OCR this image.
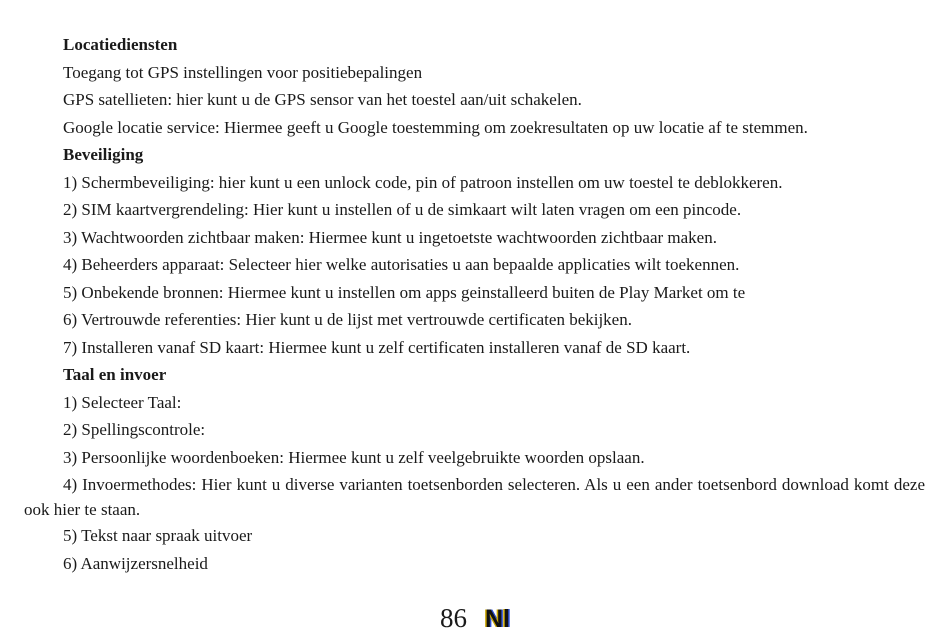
Locatiediensten
Toegang tot GPS instellingen voor positiebepalingen
GPS satellieten: hier kunt u de GPS sensor van het toestel aan/uit schakelen.
Google locatie service: Hiermee geeft u Google toestemming om zoekresultaten op uw locatie af te stemmen.
Beveiliging
1) Schermbeveiliging: hier kunt u een unlock code, pin of patroon instellen om uw toestel te deblokkeren.
2) SIM kaartvergrendeling: Hier kunt u instellen of u de simkaart wilt laten vragen om een pincode.
3) Wachtwoorden zichtbaar maken: Hiermee kunt u ingetoetste wachtwoorden zichtbaar maken.
4) Beheerders apparaat: Selecteer hier welke autorisaties u aan bepaalde applicaties wilt toekennen.
5) Onbekende bronnen: Hiermee kunt u instellen om apps geinstalleerd buiten de Play Market om te
6) Vertrouwde referenties: Hier kunt u de lijst met vertrouwde certificaten bekijken.
7) Installeren vanaf SD kaart: Hiermee kunt u zelf certificaten installeren vanaf de SD kaart.
Taal en invoer
1) Selecteer Taal:
2) Spellingscontrole:
3) Persoonlijke woordenboeken: Hiermee kunt u zelf veelgebruikte woorden opslaan.
4) Invoermethodes: Hier kunt u diverse varianten toetsenborden selecteren. Als u een ander toetsenbord download komt deze ook hier te staan.
5) Tekst naar spraak uitvoer
6) Aanwijzersnelheid
86 Nl
